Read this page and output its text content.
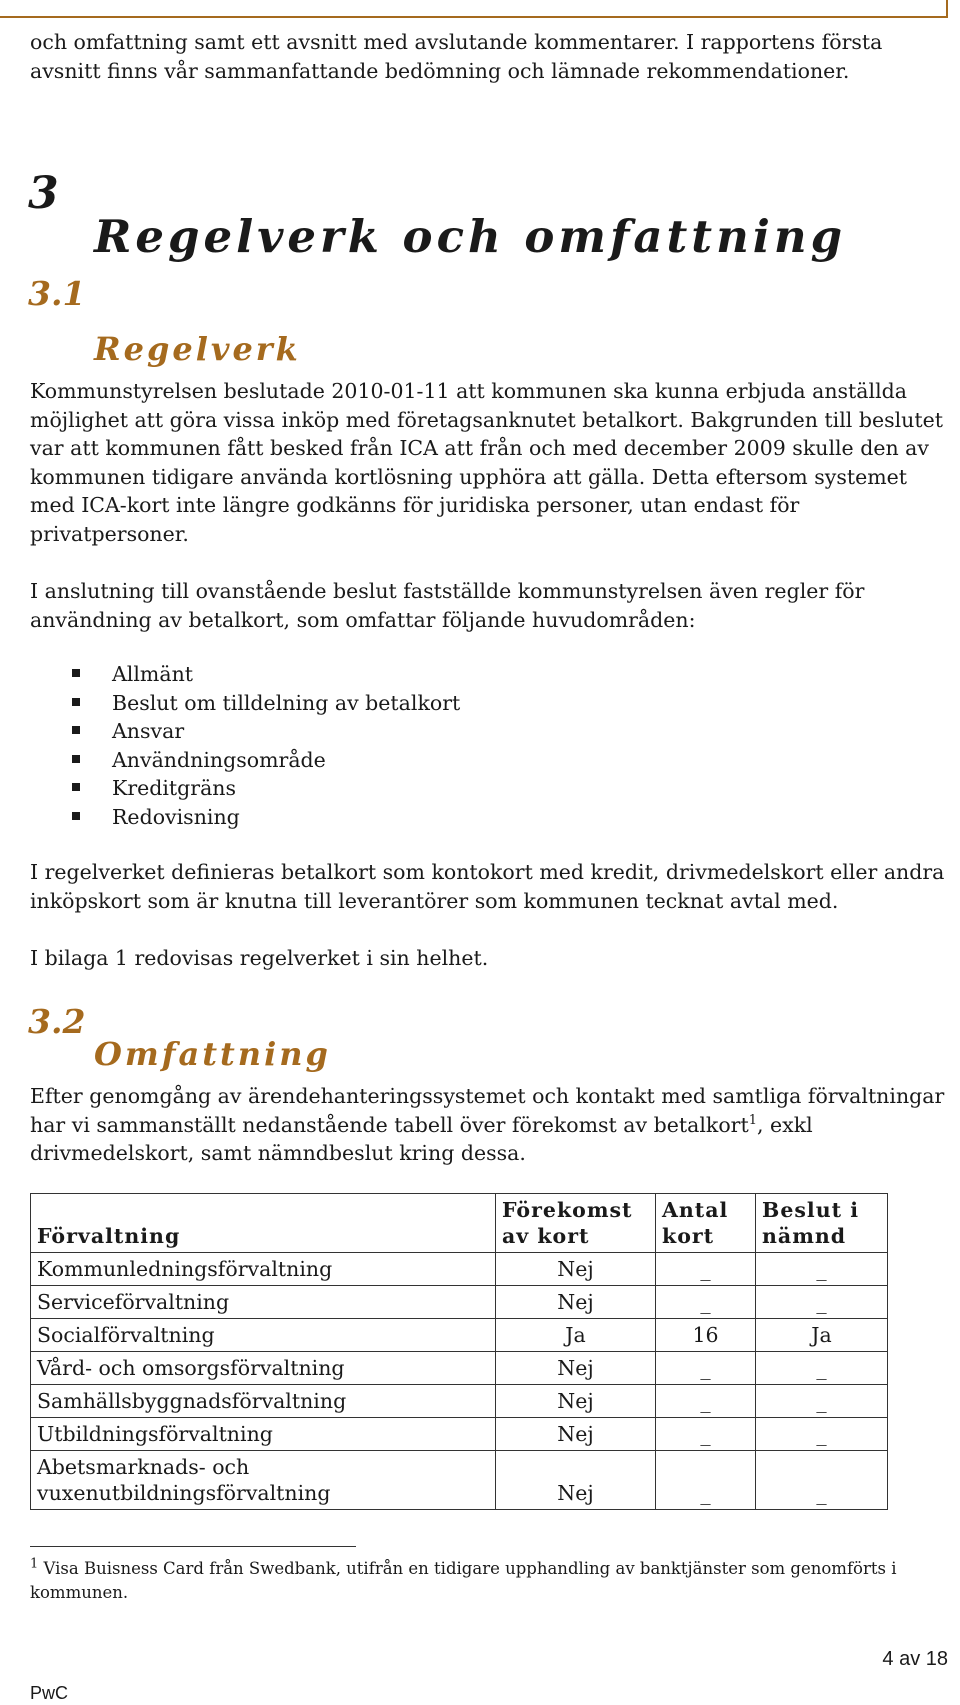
och omfattning samt ett avsnitt med avslutande kommentarer. I rapportens första avsnitt finns vår sammanfattande bedömning och lämnade rekommendationer.

3
Regelverk och omfattning
3.1
Regelverk

Kommunstyrelsen beslutade 2010-01-11 att kommunen ska kunna erbjuda anställda möjlighet att göra vissa inköp med företagsanknutet betalkort. Bakgrunden till beslutet var att kommunen fått besked från ICA att från och med december 2009 skulle den av kommunen tidigare använda kortlösning upphöra att gälla. Detta eftersom systemet med ICA-kort inte längre godkänns för juridiska personer, utan endast för privatpersoner.

I anslutning till ovanstående beslut fastställde kommunstyrelsen även regler för användning av betalkort, som omfattar följande huvudområden:

Allmänt
Beslut om tilldelning av betalkort
Ansvar
Användningsområde
Kreditgräns
Redovisning

I regelverket definieras betalkort som kontokort med kredit, drivmedelskort eller andra inköpskort som är knutna till leverantörer som kommunen tecknat avtal med.

I bilaga 1 redovisas regelverket i sin helhet.

3.2
Omfattning

Efter genomgång av ärendehanteringssystemet och kontakt med samtliga förvaltningar har vi sammanställt nedanstående tabell över förekomst av betalkort$^1$, exkl drivmedelskort, samt nämndbeslut kring dessa.

Förvaltning	Förekomst av kort	Antal kort	Beslut i nämnd
Kommunledningsförvaltning	Nej	_	_
Serviceförvaltning	Nej	_	_
Socialförvaltning	Ja	16	Ja
Vård- och omsorgsförvaltning	Nej	_	_
Samhällsbyggnadsförvaltning	Nej	_	_
Utbildningsförvaltning	Nej	_	_
Abetsmarknads- och vuxenutbildningsförvaltning	Nej	_	_

$^1$ Visa Buisness Card från Swedbank, utifrån en tidigare upphandling av banktjänster som genomförts i kommunen.

4 av 18
PwC
